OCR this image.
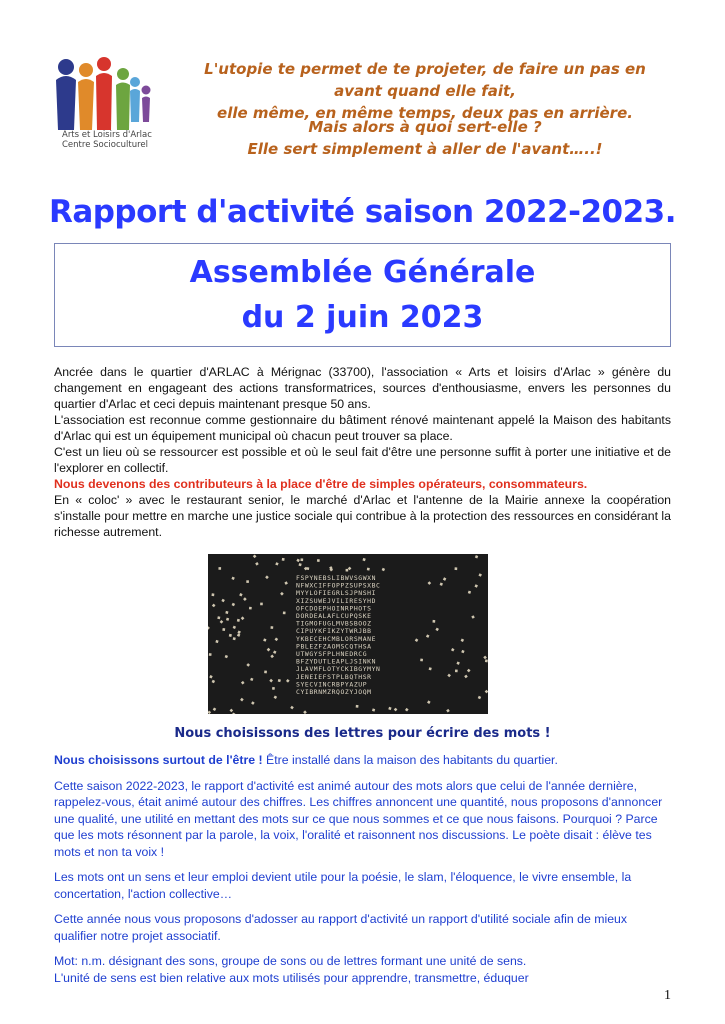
Arts et Loisirs d'Arlac
Centre Socioculturel
L'utopie te permet de te projeter, de faire un pas en avant quand elle fait,
elle même, en même temps, deux pas en arrière.
Mais alors à quoi sert-elle ?
Elle sert simplement à aller de l'avant…..!
Rapport d'activité saison 2022-2023.
Assemblée Générale
du 2 juin 2023

Ancrée dans le quartier d'ARLAC à Mérignac (33700), l'association « Arts et loisirs d'Arlac » génère du changement en engageant des actions transformatrices, sources d'enthousiasme, envers les personnes du quartier d'Arlac et ceci depuis maintenant presque 50 ans.

L'association est reconnue comme gestionnaire du bâtiment rénové maintenant appelé la Maison des habitants d'Arlac qui est un équipement municipal où chacun peut trouver sa place.

C'est un lieu où se ressourcer est possible et où le seul fait d'être une personne suffit à porter une initiative et de l'explorer en collectif.

Nous devenons des contributeurs à la place d'être de simples opérateurs, consommateurs.

En « coloc' » avec le restaurant senior, le marché d'Arlac et l'antenne de la Mairie annexe la coopération s'installe pour mettre en marche une justice sociale qui contribue à la protection des ressources en considérant la richesse autrement.

FSPYNEBSLIBWVSGWXN
NFWXCIFFOPPZSUPSXBC
MYYLOFIEGRLSJPNSHI
XIZSUWEJVILIRESYHD
OFCDOEPHOINRPHOTS
DORDEALAFLCUPQSKE
TIGMOFUGLMVBSBOOZ
CIPUYKFIKZYTWRJBB
YKBECEHCMBLORSMANE
PBLEZFZAOMSCQTHSA
UTWGYSFPLHNEDRCG
BFZYDUTLEAPLJSINKN
JLAVMFLOTYCKIBGYMYN
JENEIEFSTPLBQTHSR
SYECVINCRBPYAZUP
CYIBRNMZRQOZYJOQM
Nous choisissons des lettres pour écrire des mots !

Nous choisissons surtout de l'être ! Être installé dans la maison des habitants du quartier.

Cette saison 2022-2023, le rapport d'activité est animé autour des mots alors que celui de l'année dernière, rappelez-vous, était animé autour des chiffres. Les chiffres annoncent une quantité, nous proposons d'annoncer une qualité, une utilité en mettant des mots sur ce que nous sommes et ce que nous faisons. Pourquoi ? Parce que les mots résonnent par la parole, la voix, l'oralité et raisonnent nos discussions. Le poète disait : élève tes mots et non ta voix !

Les mots ont un sens et leur emploi devient utile pour la poésie, le slam, l'éloquence, le vivre ensemble, la concertation, l'action collective…

Cette année nous vous proposons d'adosser au rapport d'activité un rapport d'utilité sociale afin de mieux qualifier notre projet associatif.

Mot: n.m. désignant des sons, groupe de sons ou de lettres formant une unité de sens.
L'unité de sens est bien relative aux mots utilisés pour apprendre, transmettre, éduquer

1
